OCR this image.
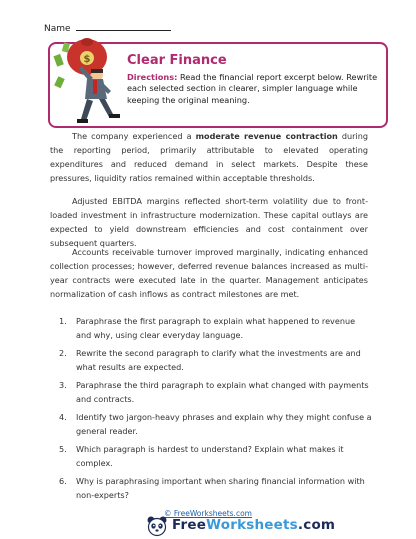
Name
$	Clear Finance
Directions: Read the financial report excerpt below. Rewrite each selected section in clearer, simpler language while keeping the original meaning.
The company experienced a moderate revenue contraction during the reporting period, primarily attributable to elevated operating expenditures and reduced demand in select markets. Despite these pressures, liquidity ratios remained within acceptable thresholds.
Adjusted EBITDA margins reflected short-term volatility due to front-loaded investment in infrastructure modernization. These capital outlays are expected to yield downstream efficiencies and cost containment over subsequent quarters.
Accounts receivable turnover improved marginally, indicating enhanced collection processes; however, deferred revenue balances increased as multi-year contracts were executed late in the quarter. Management anticipates normalization of cash inflows as contract milestones are met.
1. Paraphrase the first paragraph to explain what happened to revenue and why, using clear everyday language.
2. Rewrite the second paragraph to clarify what the investments are and what results are expected.
3. Paraphrase the third paragraph to explain what changed with payments and contracts.
4. Identify two jargon-heavy phrases and explain why they might confuse a general reader.
5. Which paragraph is hardest to understand? Explain what makes it complex.
6. Why is paraphrasing important when sharing financial information with non-experts?
© FreeWorksheets.com
FreeWorksheets.com
